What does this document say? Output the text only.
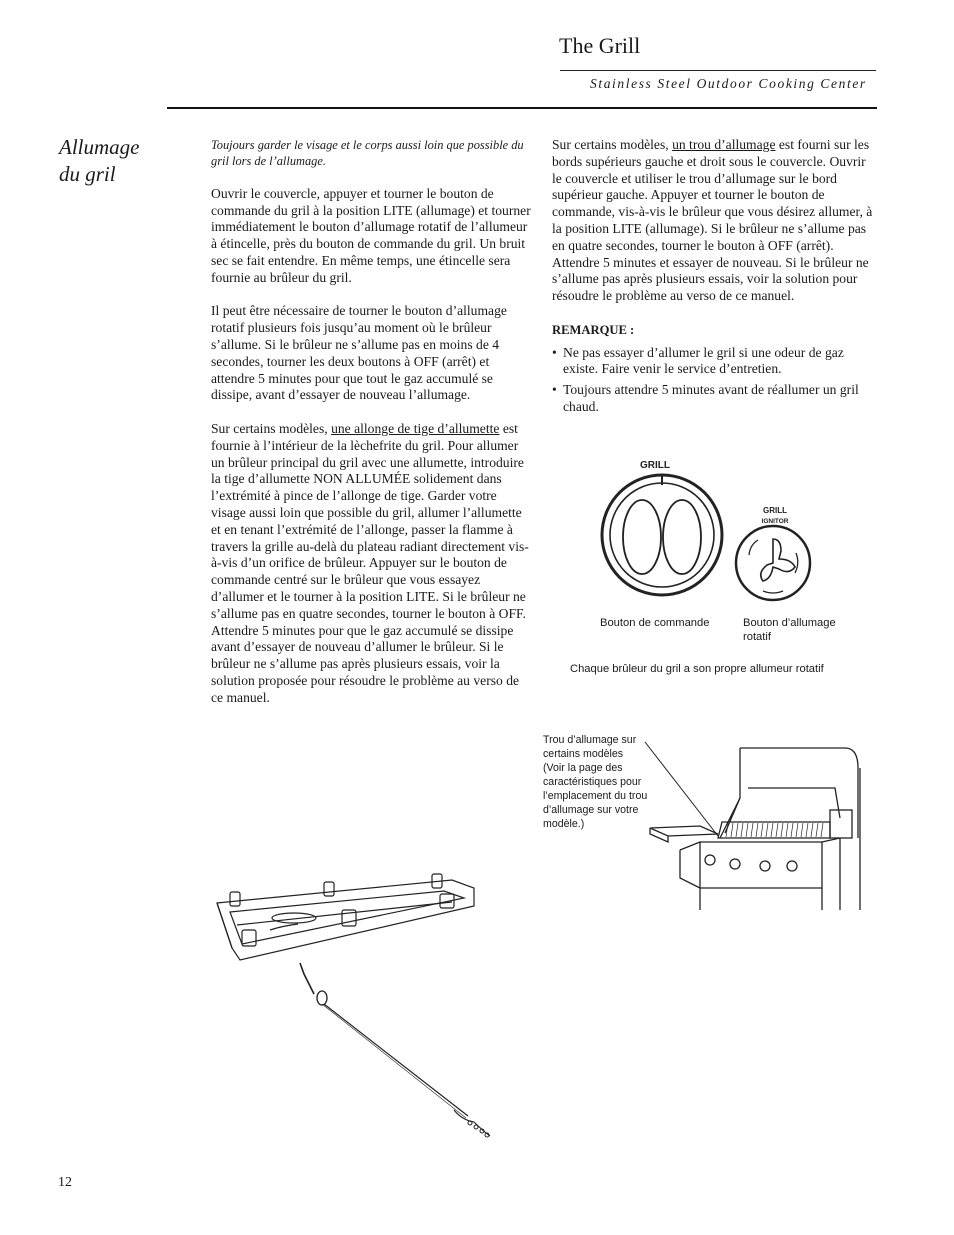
The Grill
Stainless Steel Outdoor Cooking Center
Allumage
du gril

Toujours garder le visage et le corps aussi loin que possible du gril lors de l’allumage.

Ouvrir le couvercle, appuyer et tourner le bouton de commande du gril à la position LITE (allumage) et tourner immédiatement le bouton d’allumage rotatif de l’allumeur à étincelle, près du bouton de commande du gril. Un bruit sec se fait entendre. En même temps, une étincelle sera fournie au brûleur du gril.

Il peut être nécessaire de tourner le bouton d’allumage rotatif plusieurs fois jusqu’au moment où le brûleur s’allume. Si le brûleur ne s’allume pas en moins de 4 secondes, tourner les deux boutons à OFF (arrêt) et attendre 5 minutes pour que tout le gaz accumulé se dissipe, avant d’essayer de nouveau l’allumage.

Sur certains modèles, une allonge de tige d’allumette est fournie à l’intérieur de la lèchefrite du gril. Pour allumer un brûleur principal du gril avec une allumette, introduire la tige d’allumette NON ALLUMÉE solidement dans l’extrémité à pince de l’allonge de tige. Garder votre visage aussi loin que possible du gril, allumer l’allumette et en tenant l’extrémité de l’allonge, passer la flamme à travers la grille au-delà du plateau radiant directement vis-à-vis d’un orifice de brûleur. Appuyer sur le bouton de commande centré sur le brûleur que vous essayez d’allumer et le tourner à la position LITE. Si le brûleur ne s’allume pas en quatre secondes, tourner le bouton à OFF. Attendre 5 minutes pour que le gaz accumulé se dissipe avant d’essayer de nouveau d’allumer le brûleur. Si le brûleur ne s’allume pas après plusieurs essais, voir la solution proposée pour résoudre le problème au verso de ce manuel.

Sur certains modèles, un trou d’allumage est fourni sur les bords supérieurs gauche et droit sous le couvercle. Ouvrir le couvercle et utiliser le trou d’allumage sur le bord supérieur gauche. Appuyer et tourner le bouton de commande, vis-à-vis le brûleur que vous désirez allumer, à la position LITE (allumage). Si le brûleur ne s’allume pas en quatre secondes, tourner le bouton à OFF (arrêt). Attendre 5 minutes et essayer de nouveau. Si le brûleur ne s’allume pas après plusieurs essais, voir la solution pour résoudre le problème au verso de ce manuel.

REMARQUE :
• Ne pas essayer d’allumer le gril si une odeur de gaz existe. Faire venir le service d’entretien.
• Toujours attendre 5 minutes avant de réallumer un gril chaud.
GRILL
GRILL
IGNITOR
Bouton de commande	Bouton d’allumage
rotatif
Chaque brûleur du gril a son propre allumeur rotatif
Trou d’allumage sur
certains modèles
(Voir la page des
caractéristiques pour
l’emplacement du trou
d’allumage sur votre
modèle.)
12
